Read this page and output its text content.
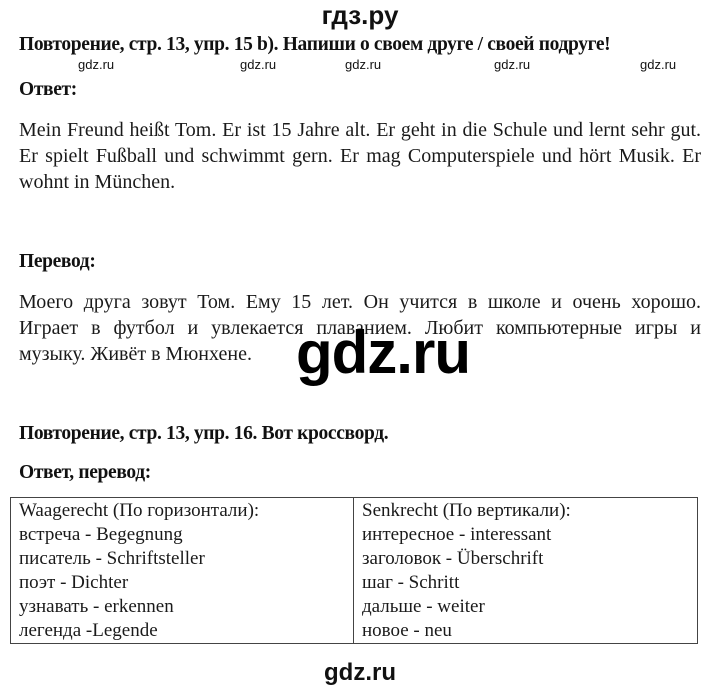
гдз.ру
Повторение, стр. 13, упр. 15 b). Напиши о своем друге / своей подруге!
gdz.ru	gdz.ru	gdz.ru	gdz.ru	gdz.ru
Ответ:
Mein Freund heißt Tom. Er ist 15 Jahre alt. Er geht in die Schule und lernt sehr gut.
Er spielt Fußball und schwimmt gern. Er mag Computerspiele und hört Musik. Er
wohnt in München.
Перевод:
Моего друга зовут Том. Ему 15 лет. Он учится в школе и очень хорошо.
Играет в футбол и увлекается плаванием. Любит компьютерные игры и
музыку. Живёт в Мюнхене. gdz.ru
Повторение, стр. 13, упр. 16. Вот кроссворд.
Ответ, перевод:
Waagerecht (По горизонтали):
встреча - Begegnung
писатель - Schriftsteller
поэт - Dichter
узнавать - erkennen
легенда -Legende

Senkrecht (По вертикали):
интересное - interessant
заголовок - Überschrift
шаг - Schritt
дальше - weiter
новое - neu
gdz.ru
